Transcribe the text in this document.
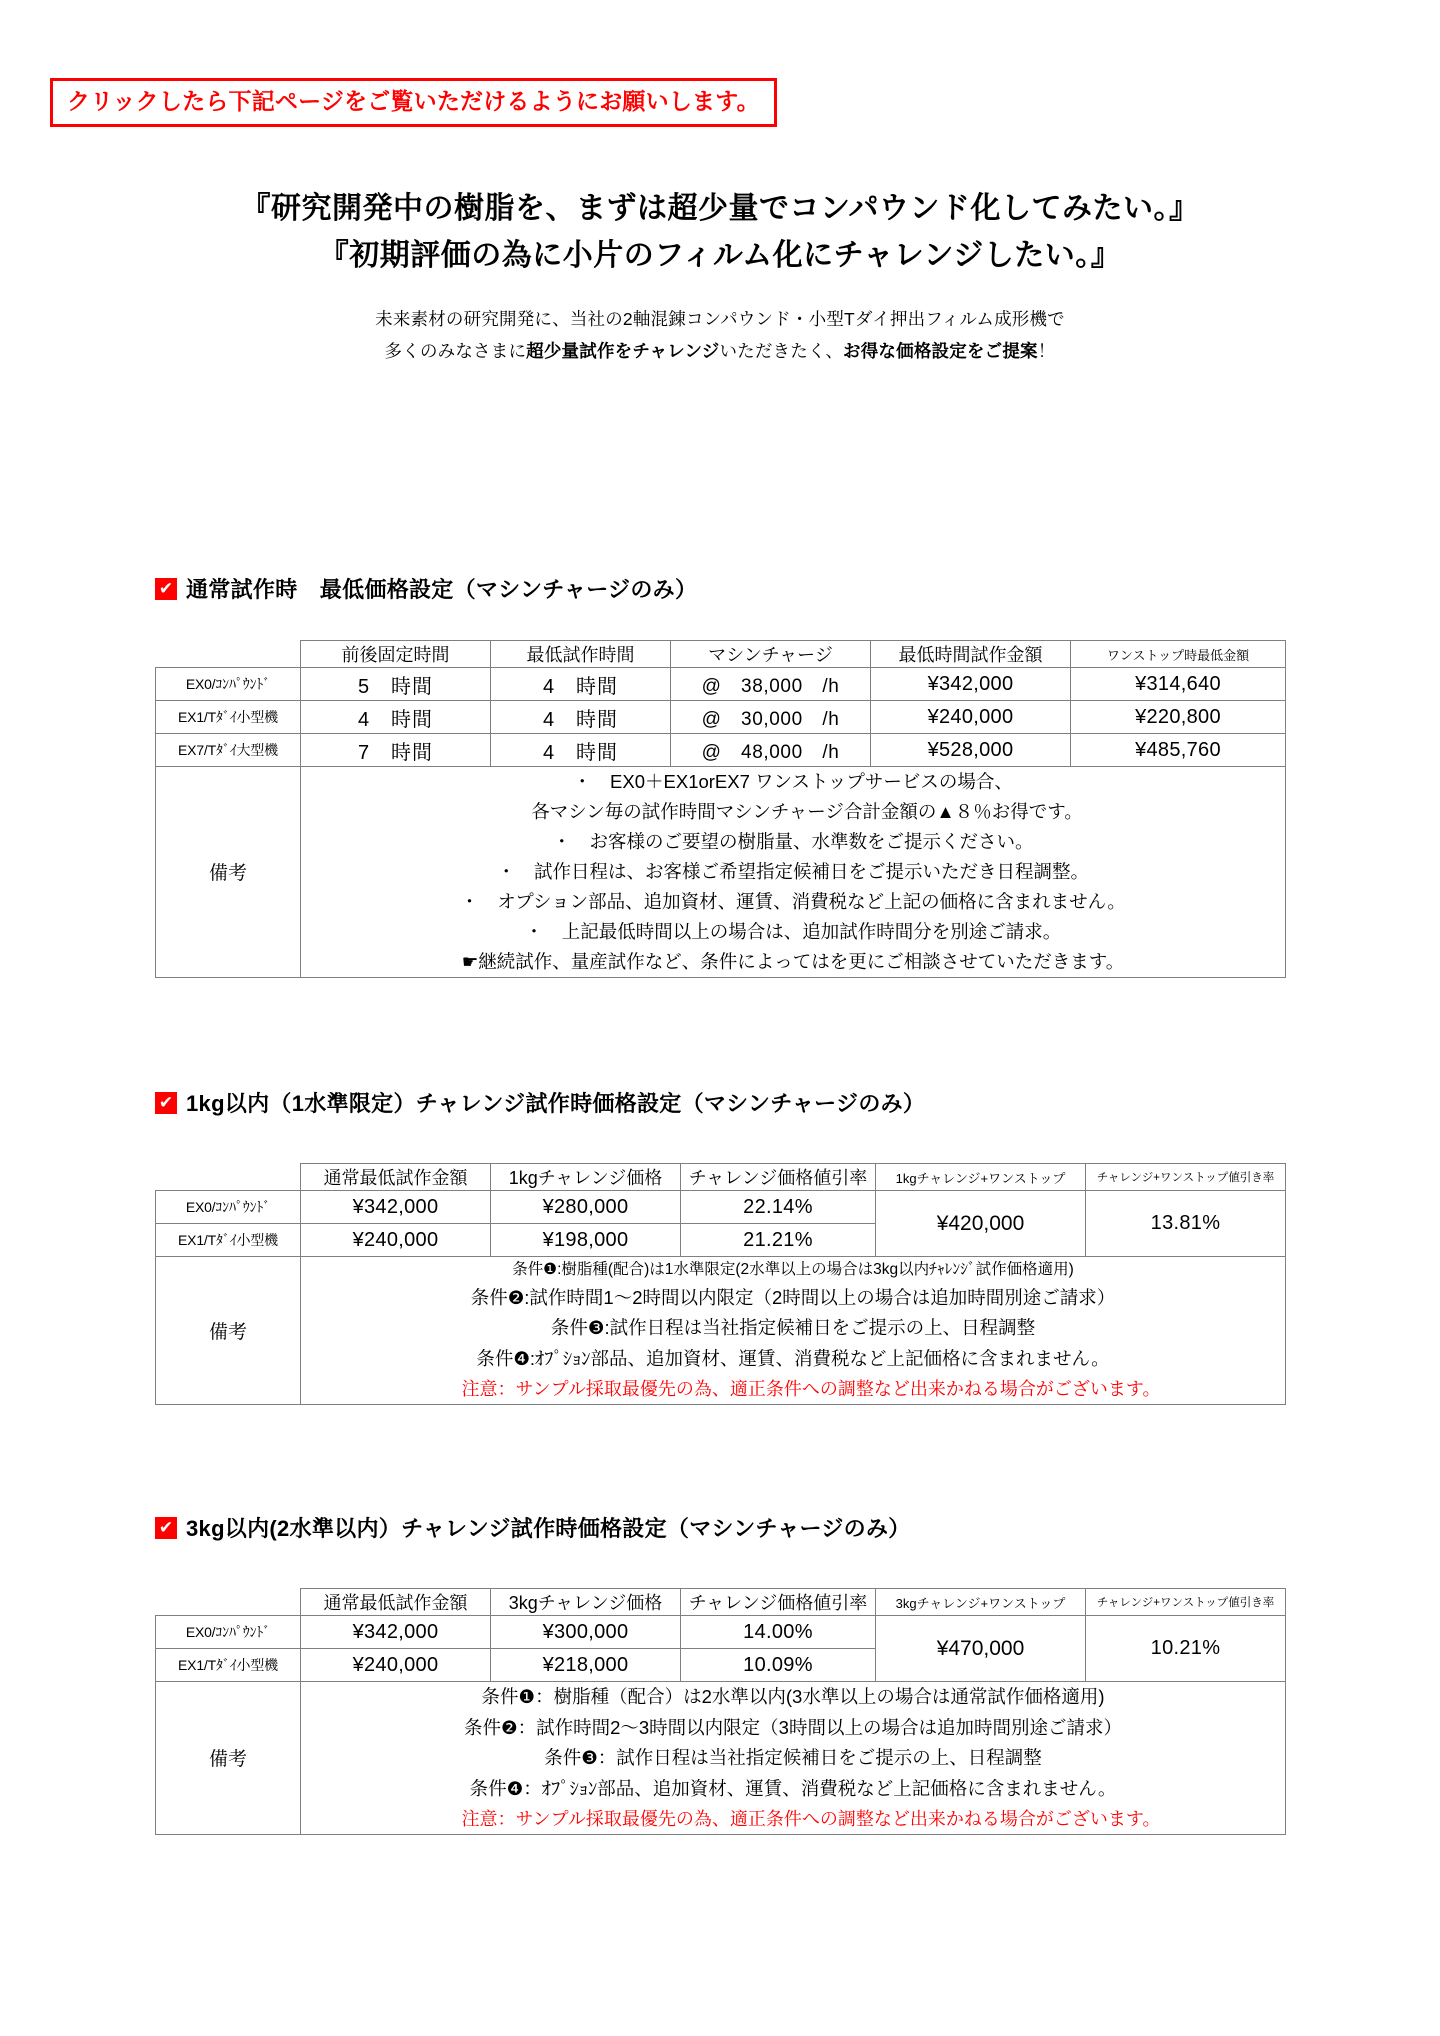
クリックしたら下記ページをご覧いただけるようにお願いします。
『研究開発中の樹脂を、まずは超少量でコンパウンド化してみたい。』
『初期評価の為に小片のフィルム化にチャレンジしたい。』
未来素材の研究開発に、当社の2軸混錬コンパウンド・小型Tダイ押出フィルム成形機で
多くのみなさまに超少量試作をチャレンジいただきたく、お得な価格設定をご提案！
✔ 通常試作時　最低価格設定（マシンチャージのみ）
	前後固定時間	最低試作時間	マシンチャージ	最低時間試作金額	ワンストップ時最低金額
EX0/ｺﾝﾊﾟｳﾝﾄﾞ	5　時間	4　時間	@　38,000　/h	¥342,000	¥314,640
EX1/Tﾀﾞｲ小型機	4　時間	4　時間	@　30,000　/h	¥240,000	¥220,800
EX7/Tﾀﾞｲ大型機	7　時間	4　時間	@　48,000　/h	¥528,000	¥485,760
備考	
・　EX0＋EX1orEX7 ワンストップサービスの場合、
各マシン毎の試作時間マシンチャージ合計金額の▲８％お得です。
・　お客様のご要望の樹脂量、水準数をご提示ください。
・　試作日程は、お客様ご希望指定候補日をご提示いただき日程調整。
・　オプション部品、追加資材、運賃、消費税など上記の価格に含まれません。
・　上記最低時間以上の場合は、追加試作時間分を別途ご請求。
☛継続試作、量産試作など、条件によってはを更にご相談させていただきます。
✔ 1kg以内（1水準限定）チャレンジ試作時価格設定（マシンチャージのみ）
	通常最低試作金額	1kgチャレンジ価格	チャレンジ価格値引率	1kgチャレンジ+ワンストップ	チャレンジ+ワンストップ値引き率
EX0/ｺﾝﾊﾟｳﾝﾄﾞ	¥342,000	¥280,000	22.14%	¥420,000	13.81%
EX1/Tﾀﾞｲ小型機	¥240,000	¥198,000	21.21%		
備考	条件❶:樹脂種(配合)は1水準限定(2水準以上の場合は3kg以内ﾁｬﾚﾝｼﾞ試作価格適用)
条件❷:試作時間1～2時間以内限定（2時間以上の場合は追加時間別途ご請求）
条件❸:試作日程は当社指定候補日をご提示の上、日程調整
条件❹:ｵﾌﾟｼｮﾝ部品、追加資材、運賃、消費税など上記価格に含まれません。
注意：サンプル採取最優先の為、適正条件への調整など出来かねる場合がございます。				
✔ 3kg以内(2水準以内）チャレンジ試作時価格設定（マシンチャージのみ）
	通常最低試作金額	3kgチャレンジ価格	チャレンジ価格値引率	3kgチャレンジ+ワンストップ	チャレンジ+ワンストップ値引き率
EX0/ｺﾝﾊﾟｳﾝﾄﾞ	¥342,000	¥300,000	14.00%	¥470,000	10.21%
EX1/Tﾀﾞｲ小型機	¥240,000	¥218,000	10.09%		
備考	条件❶：樹脂種（配合）は2水準以内(3水準以上の場合は通常試作価格適用)
条件❷：試作時間2～3時間以内限定（3時間以上の場合は追加時間別途ご請求）
条件❸：試作日程は当社指定候補日をご提示の上、日程調整
条件❹：ｵﾌﾟｼｮﾝ部品、追加資材、運賃、消費税など上記価格に含まれません。
注意：サンプル採取最優先の為、適正条件への調整など出来かねる場合がございます。				
